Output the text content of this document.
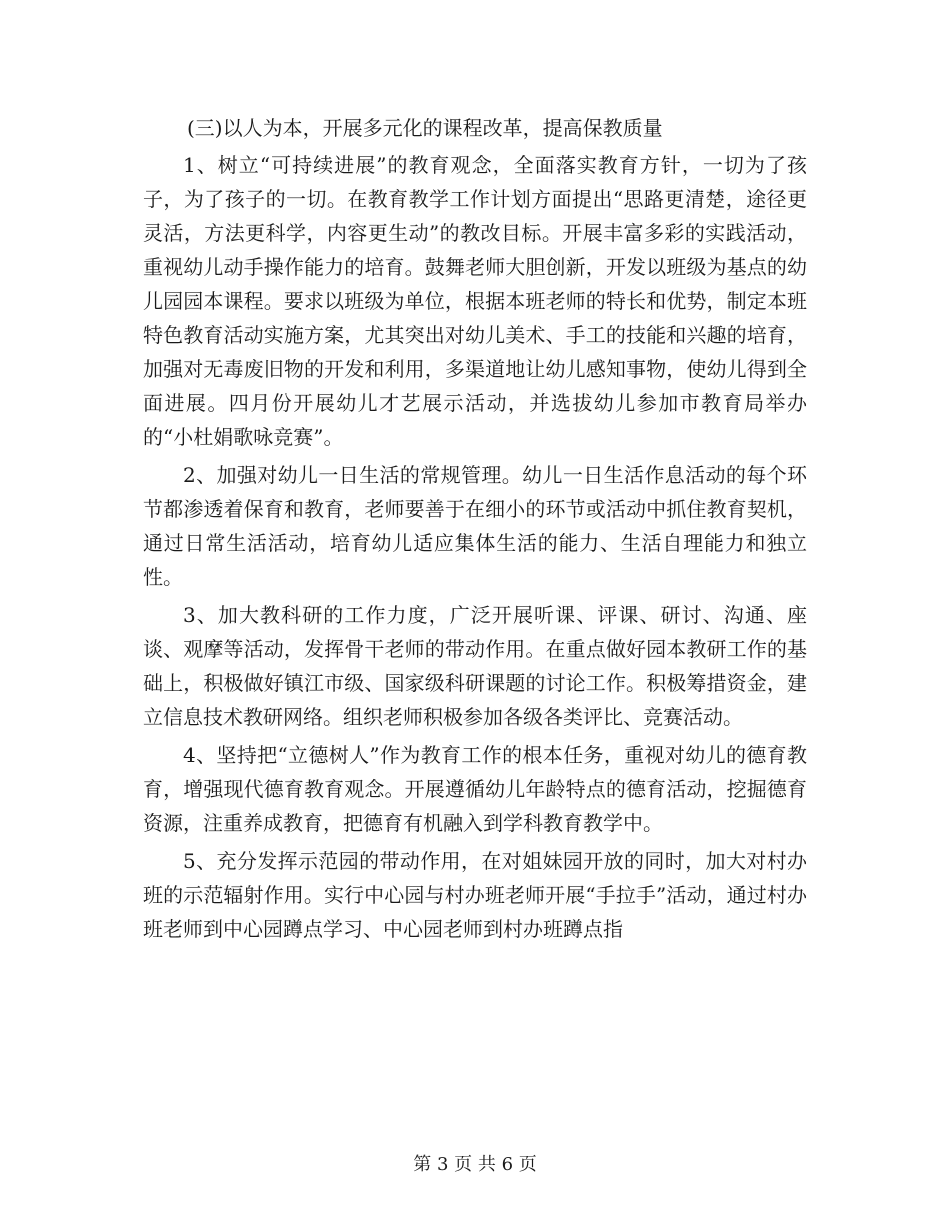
(三)以人为本，开展多元化的课程改革，提高保教质量

1、树立“可持续进展”的教育观念，全面落实教育方针，一切为了孩子，为了孩子的一切。在教育教学工作计划方面提出“思路更清楚，途径更灵活，方法更科学，内容更生动”的教改目标。开展丰富多彩的实践活动，重视幼儿动手操作能力的培育。鼓舞老师大胆创新，开发以班级为基点的幼儿园园本课程。要求以班级为单位，根据本班老师的特长和优势，制定本班特色教育活动实施方案，尤其突出对幼儿美术、手工的技能和兴趣的培育，加强对无毒废旧物的开发和利用，多渠道地让幼儿感知事物，使幼儿得到全面进展。四月份开展幼儿才艺展示活动，并选拔幼儿参加市教育局举办的“小杜娟歌咏竞赛”。

2、加强对幼儿一日生活的常规管理。幼儿一日生活作息活动的每个环节都渗透着保育和教育，老师要善于在细小的环节或活动中抓住教育契机，通过日常生活活动，培育幼儿适应集体生活的能力、生活自理能力和独立性。

3、加大教科研的工作力度，广泛开展听课、评课、研讨、沟通、座谈、观摩等活动，发挥骨干老师的带动作用。在重点做好园本教研工作的基础上，积极做好镇江市级、国家级科研课题的讨论工作。积极筹措资金，建立信息技术教研网络。组织老师积极参加各级各类评比、竞赛活动。

4、坚持把“立德树人”作为教育工作的根本任务，重视对幼儿的德育教育，增强现代德育教育观念。开展遵循幼儿年龄特点的德育活动，挖掘德育资源，注重养成教育，把德育有机融入到学科教育教学中。

5、充分发挥示范园的带动作用，在对姐妹园开放的同时，加大对村办班的示范辐射作用。实行中心园与村办班老师开展“手拉手”活动，通过村办班老师到中心园蹲点学习、中心园老师到村办班蹲点指

第 3 页 共 6 页
